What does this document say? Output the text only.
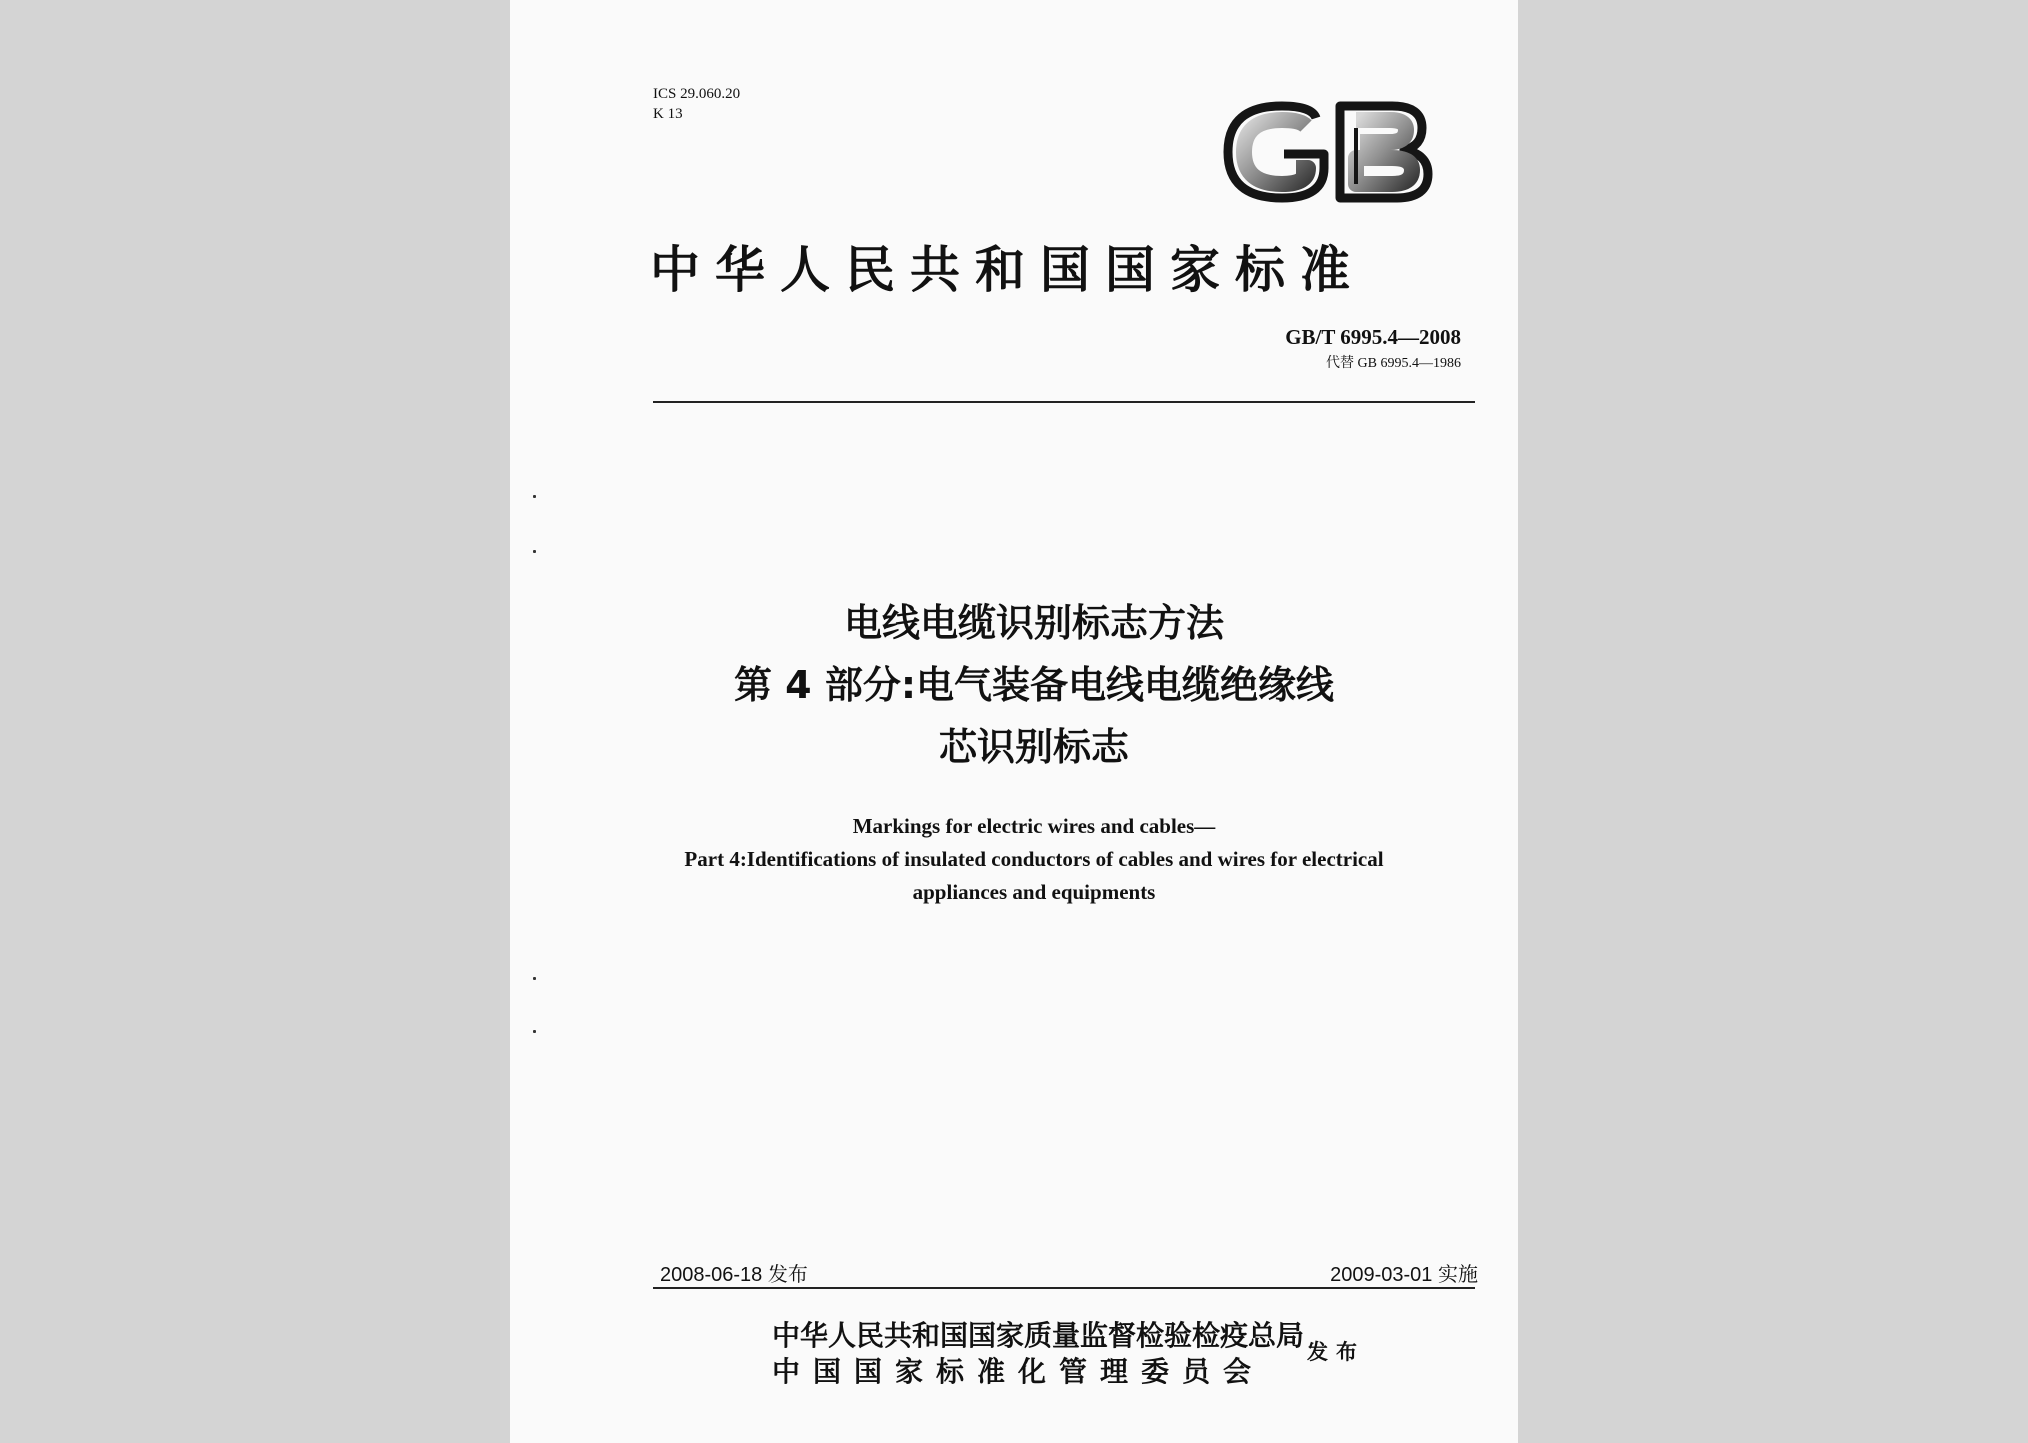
ICS 29.060.20
K 13
中华人民共和国国家标准
GB/T 6995.4—2008
代替 GB 6995.4—1986
电线电缆识别标志方法
第 4 部分:电气装备电线电缆绝缘线
芯识别标志
Markings for electric wires and cables—
Part 4:Identifications of insulated conductors of cables and wires for electrical
appliances and equipments
2008-06-18 发布	2009-03-01 实施
中华人民共和国国家质量监督检验检疫总局
中国国家标准化管理委员会
发布
